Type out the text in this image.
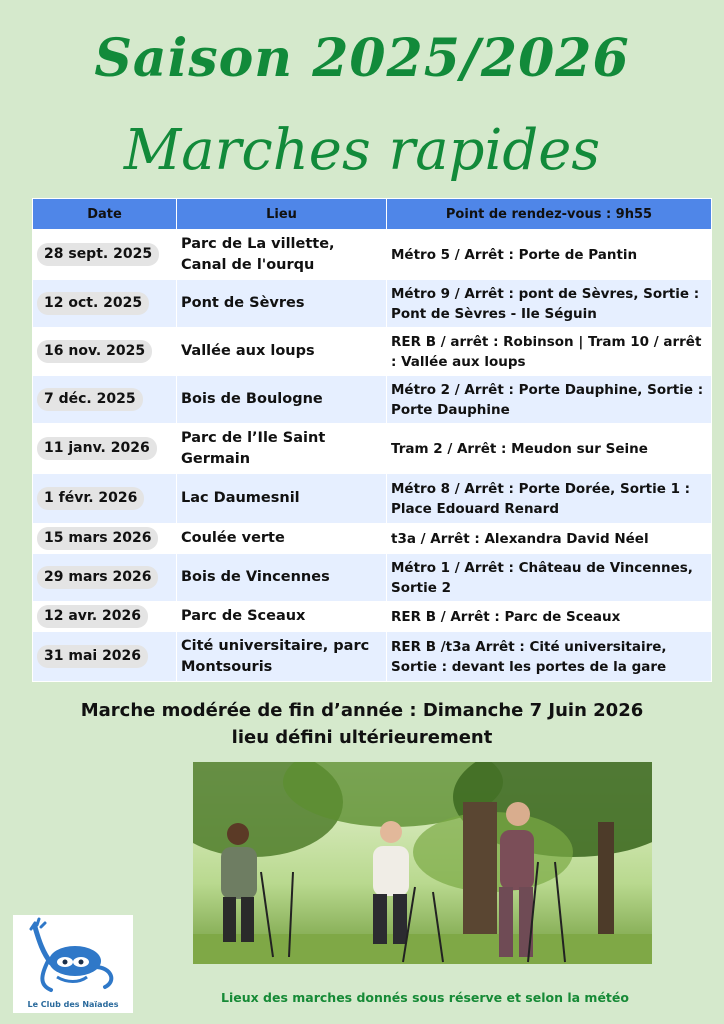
Saison 2025/2026
Marches rapides
Date	Lieu	Point de rendez-vous : 9h55
28 sept. 2025	Parc de La villette, Canal de l'ourqu	Métro 5 / Arrêt : Porte de Pantin
12 oct. 2025	Pont de Sèvres	Métro 9 / Arrêt : pont de Sèvres, Sortie : Pont de Sèvres - Ile Séguin
16 nov. 2025	Vallée aux loups	RER B / arrêt : Robinson | Tram 10 / arrêt : Vallée aux loups
7 déc. 2025	Bois de Boulogne	Métro 2 / Arrêt : Porte Dauphine, Sortie : Porte Dauphine
11 janv. 2026	Parc de l’Ile Saint Germain	Tram 2 / Arrêt : Meudon sur Seine
1 févr. 2026	Lac Daumesnil	Métro 8 / Arrêt : Porte Dorée, Sortie 1 : Place Edouard Renard
15 mars 2026	Coulée verte	t3a / Arrêt : Alexandra David Néel
29 mars 2026	Bois de Vincennes	Métro 1 / Arrêt : Château de Vincennes, Sortie 2
12 avr. 2026	Parc de Sceaux	RER B / Arrêt : Parc de Sceaux
31 mai 2026	Cité universitaire, parc Montsouris	RER B /t3a Arrêt : Cité universitaire, Sortie : devant les portes de la gare
Marche modérée de fin d’année : Dimanche 7 Juin 2026
lieu défini ultérieurement
Le Club des Naïades	Lieux des marches donnés sous réserve et selon la météo
